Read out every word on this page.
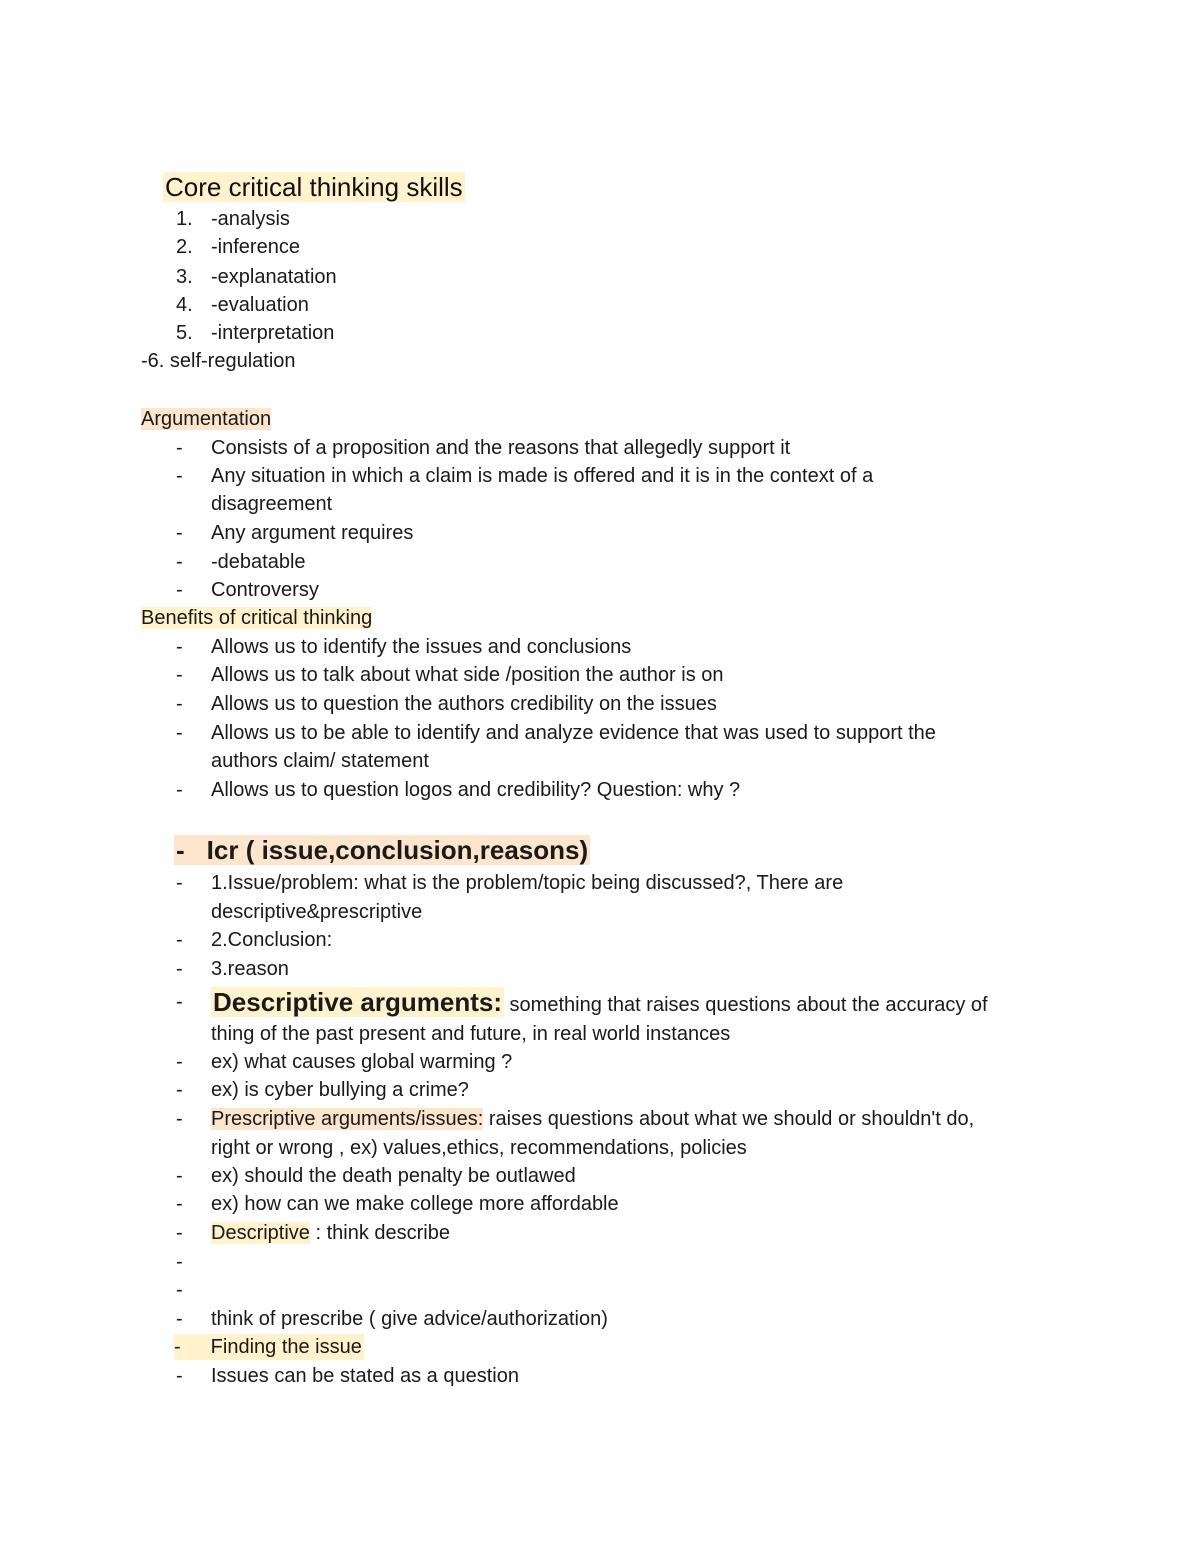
Core critical thinking skills
1. -analysis
2. -inference
3. -explanatation
4. -evaluation
5. -interpretation
-6. self-regulation
Argumentation
-	Consists of a proposition and the reasons that allegedly support it
-	Any situation in which a claim is made is offered and it is in the context of a
disagreement
-	Any argument requires
-	-debatable
-	Controversy
Benefits of critical thinking
-	Allows us to identify the issues and conclusions
-	Allows us to talk about what side /position the author is on
-	Allows us to question the authors credibility on the issues
-	Allows us to be able to identify and analyze evidence that was used to support the
authors claim/ statement
-	Allows us to question logos and credibility? Question: why ?
- Icr ( issue,conclusion,reasons)
-	1.Issue/problem: what is the problem/topic being discussed?, There are
descriptive&prescriptive
-	2.Conclusion:
-	3.reason
-	Descriptive arguments: something that raises questions about the accuracy of
thing of the past present and future, in real world instances
-	ex) what causes global warming ?
-	ex) is cyber bullying a crime?
-	Prescriptive arguments/issues: raises questions about what we should or shouldn't do,
right or wrong , ex) values,ethics, recommendations, policies
-	ex) should the death penalty be outlawed
-	ex) how can we make college more affordable
-	Descriptive : think describe
-
-
-	think of prescribe ( give advice/authorization)
- Finding the issue
-	Issues can be stated as a question
